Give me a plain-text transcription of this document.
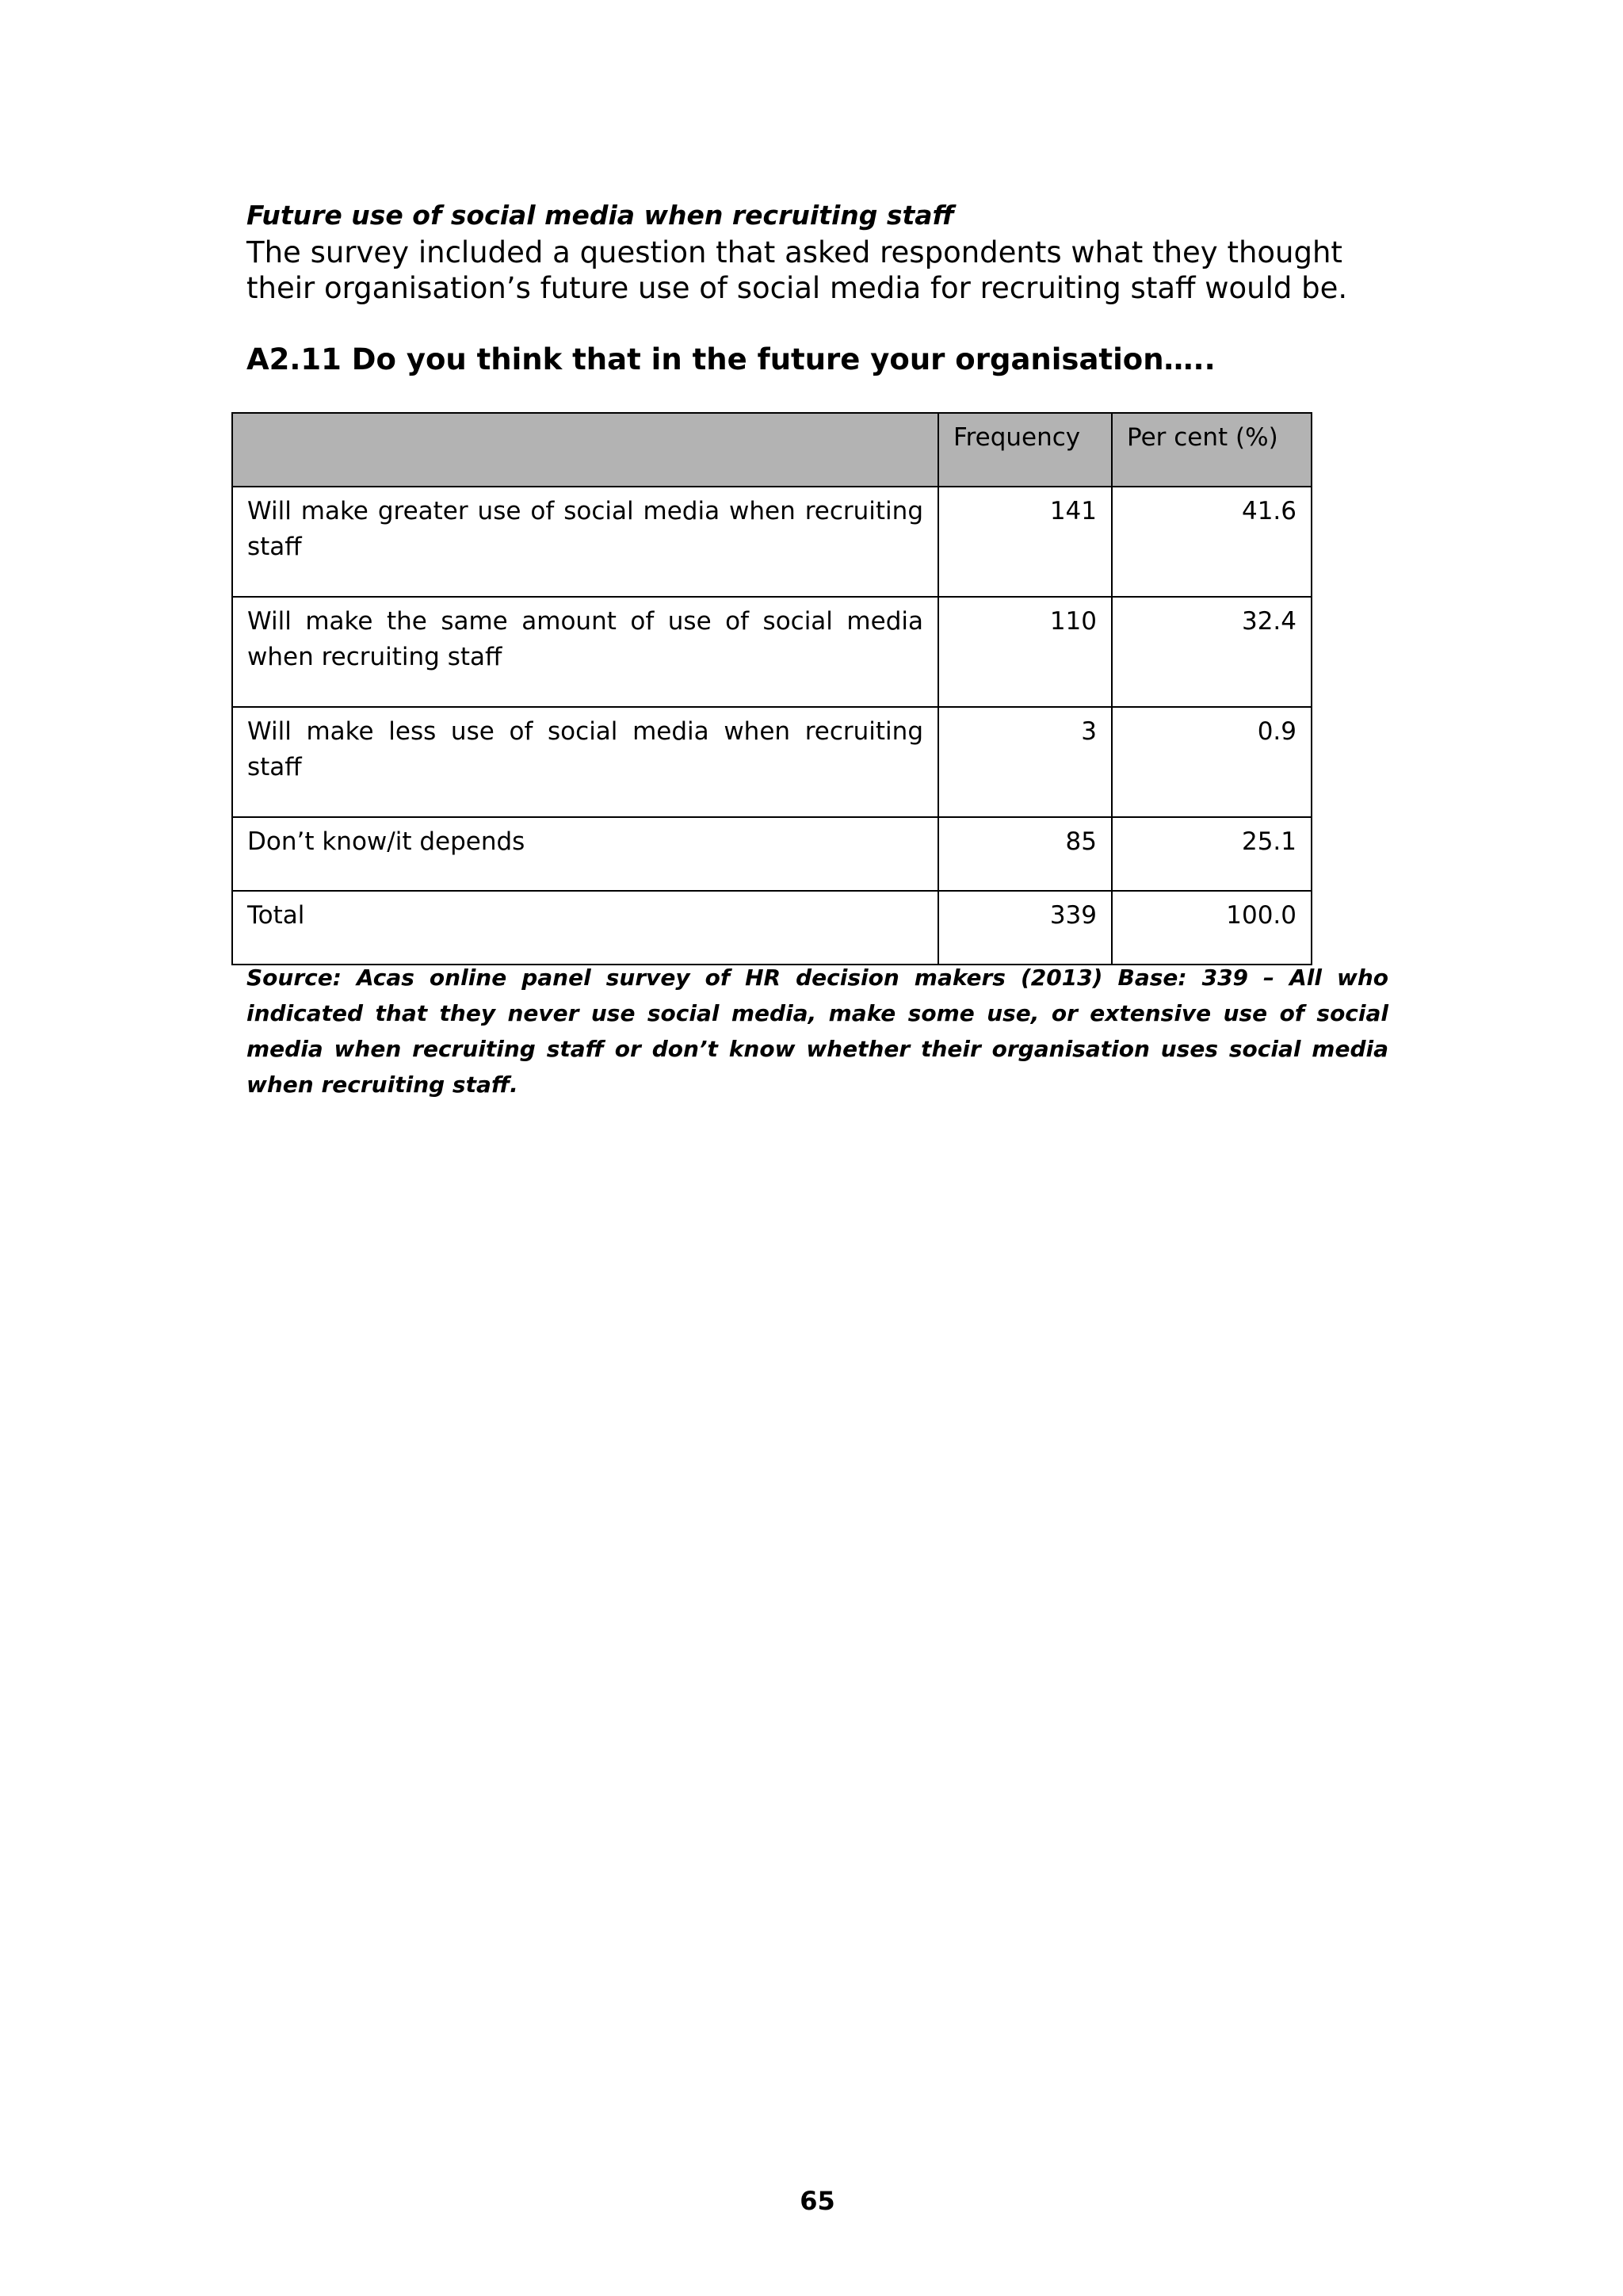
Future use of social media when recruiting staff
The survey included a question that asked respondents what they thought their organisation’s future use of social media for recruiting staff would be.
A2.11 Do you think that in the future your organisation…..
	Frequency	Per cent (%)
Will make greater use of social media when recruiting staff	141	41.6
Will make the same amount of use of social media when recruiting staff	110	32.4
Will make less use of social media when recruiting staff	3	0.9
Don’t know/it depends	85	25.1
Total	339	100.0
Source: Acas online panel survey of HR decision makers (2013) Base: 339 – All who indicated that they never use social media, make some use, or extensive use of social media when recruiting staff or don’t know whether their organisation uses social media when recruiting staff.
65
